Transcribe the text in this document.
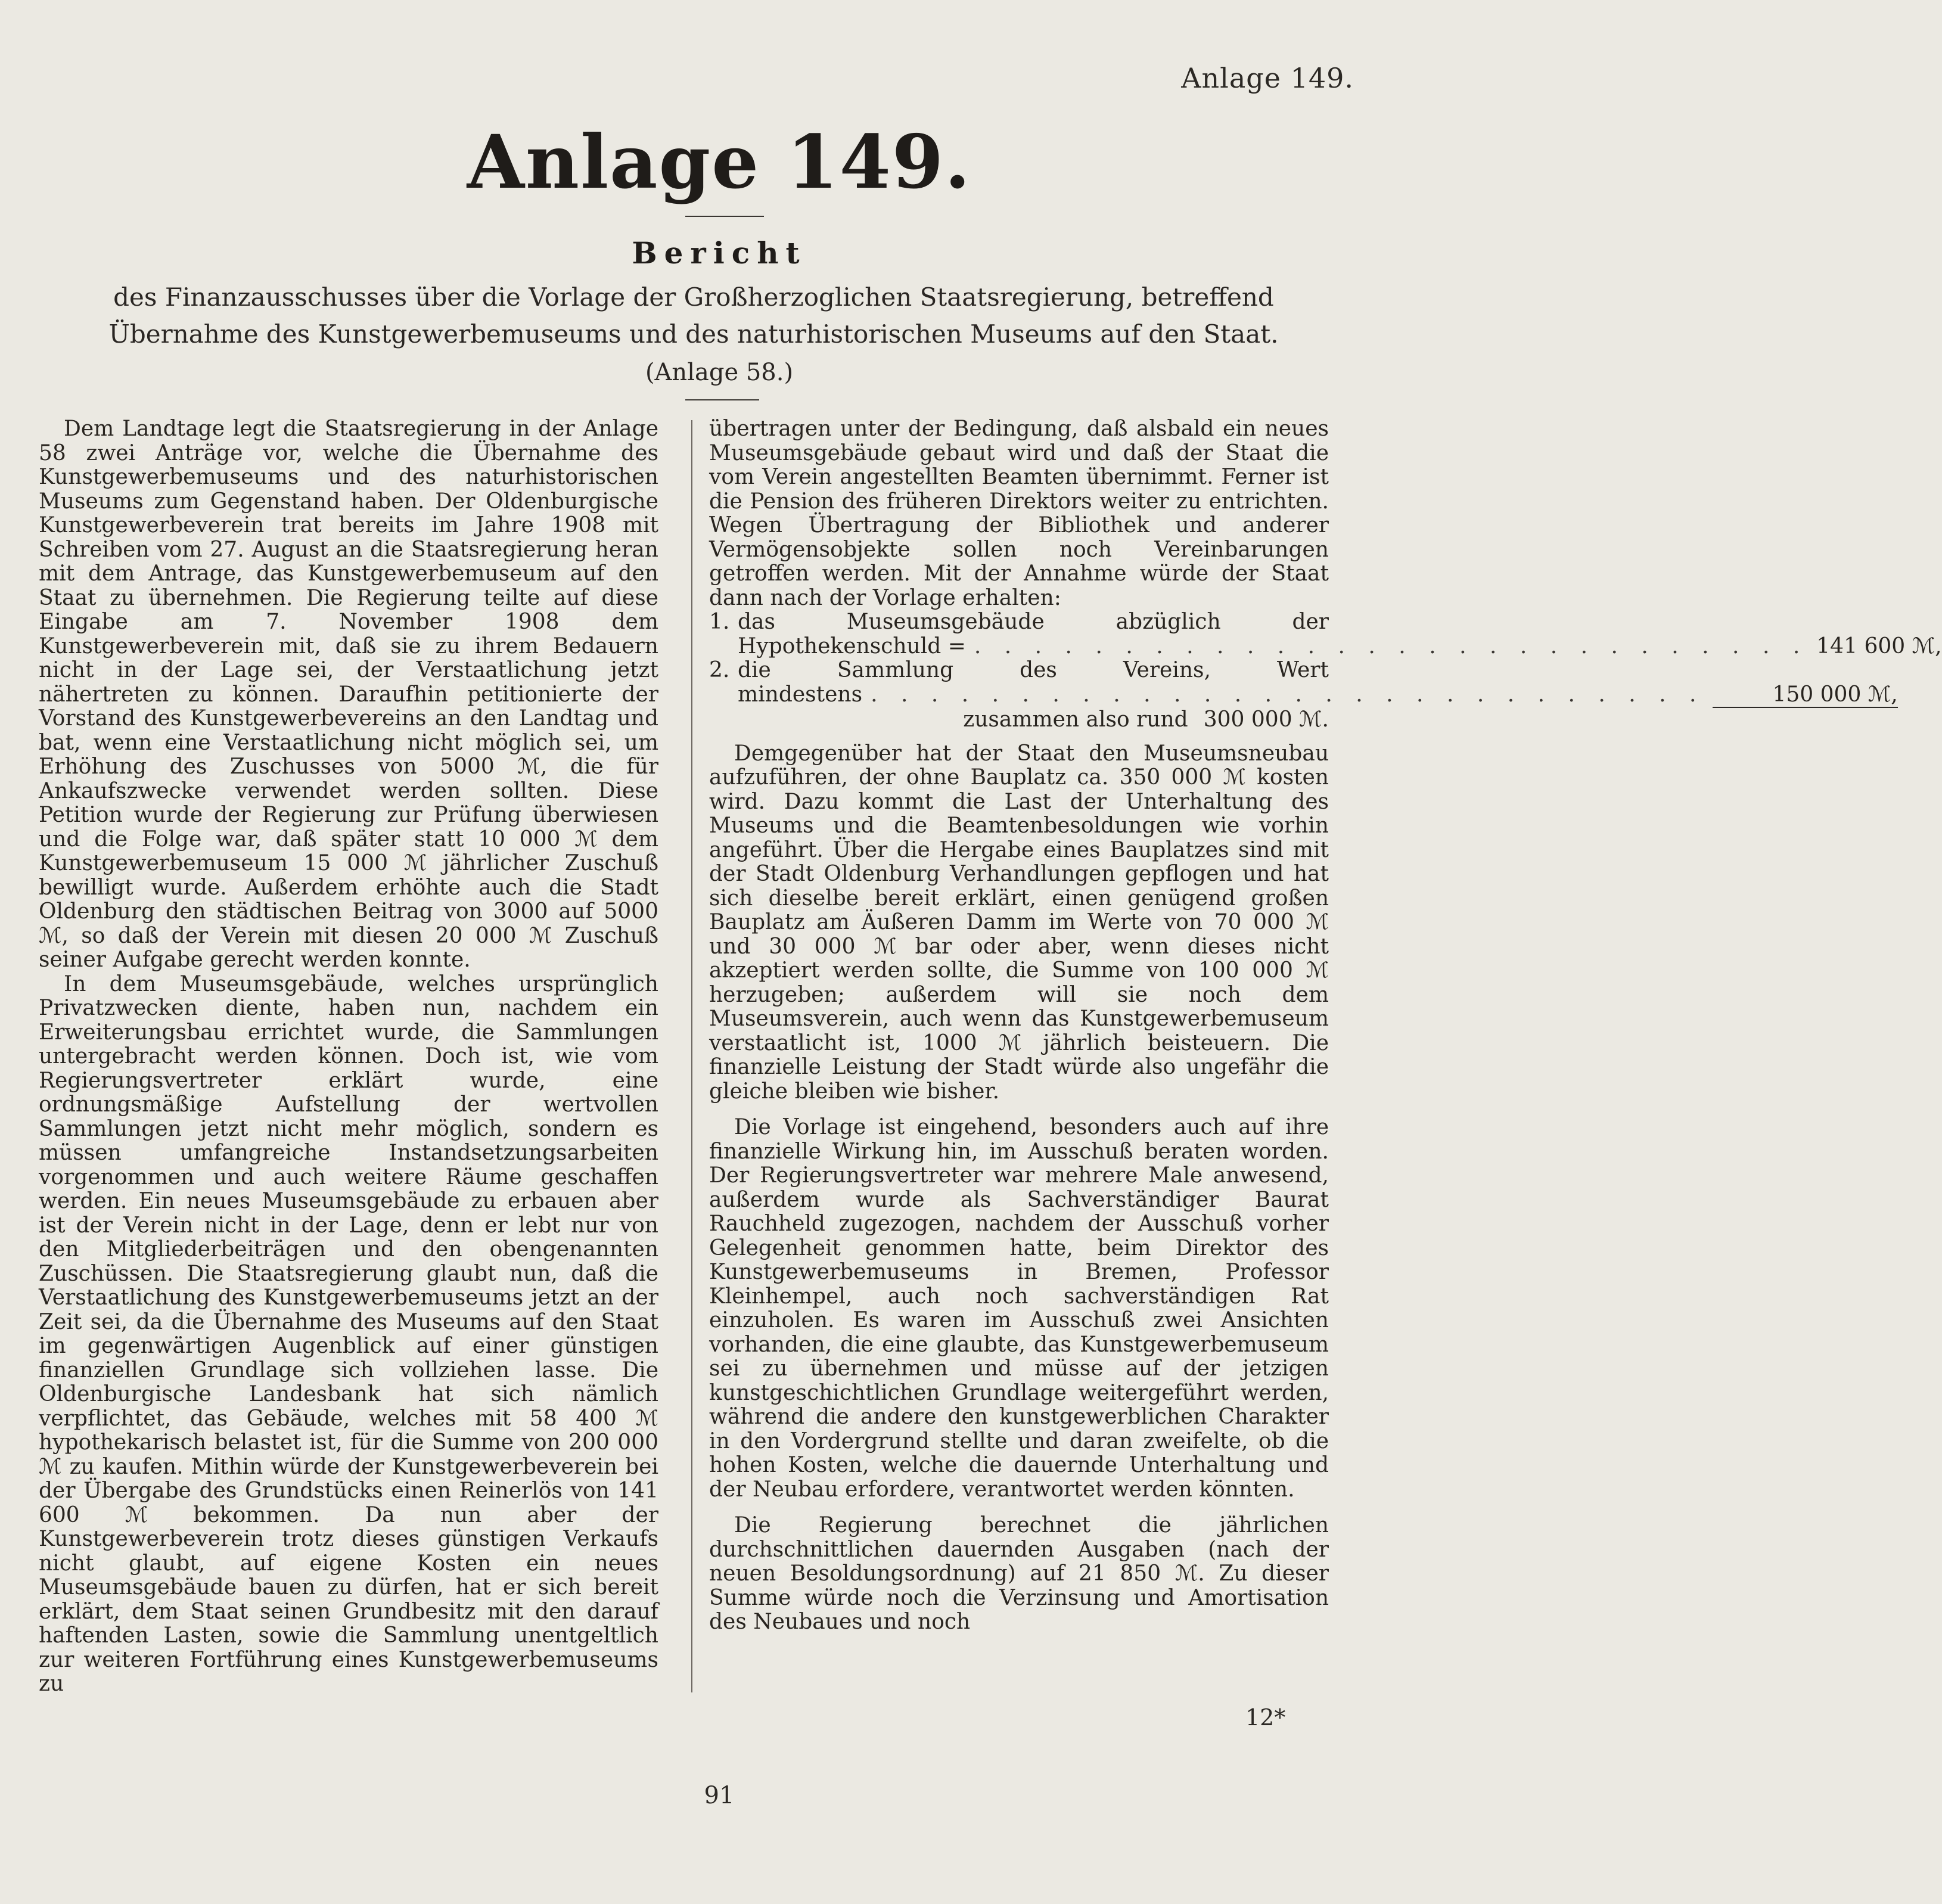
Anlage 149.
Anlage 149.
Bericht
des Finanzausschusses über die Vorlage der Großherzoglichen Staatsregierung, betreffend Übernahme des Kunstgewerbemuseums und des naturhistorischen Museums auf den Staat.
(Anlage 58.)

Dem Landtage legt die Staatsregierung in der Anlage 58 zwei Anträge vor, welche die Übernahme des Kunstgewerbemuseums und des naturhistorischen Museums zum Gegenstand haben. Der Oldenburgische Kunstgewerbeverein trat bereits im Jahre 1908 mit Schreiben vom 27. August an die Staatsregierung heran mit dem Antrage, das Kunstgewerbemuseum auf den Staat zu übernehmen. Die Regierung teilte auf diese Eingabe am 7. November 1908 dem Kunstgewerbeverein mit, daß sie zu ihrem Bedauern nicht in der Lage sei, der Verstaatlichung jetzt nähertreten zu können. Daraufhin petitionierte der Vorstand des Kunstgewerbevereins an den Landtag und bat, wenn eine Verstaatlichung nicht möglich sei, um Erhöhung des Zuschusses von 5000 ℳ, die für Ankaufszwecke verwendet werden sollten. Diese Petition wurde der Regierung zur Prüfung überwiesen und die Folge war, daß später statt 10 000 ℳ dem Kunstgewerbemuseum 15 000 ℳ jährlicher Zuschuß bewilligt wurde. Außerdem erhöhte auch die Stadt Oldenburg den städtischen Beitrag von 3000 auf 5000 ℳ, so daß der Verein mit diesen 20 000 ℳ Zuschuß seiner Aufgabe gerecht werden konnte.

In dem Museumsgebäude, welches ursprünglich Privatzwecken diente, haben nun, nachdem ein Erweiterungsbau errichtet wurde, die Sammlungen untergebracht werden können. Doch ist, wie vom Regierungsvertreter erklärt wurde, eine ordnungsmäßige Aufstellung der wertvollen Sammlungen jetzt nicht mehr möglich, sondern es müssen umfangreiche Instandsetzungsarbeiten vorgenommen und auch weitere Räume geschaffen werden. Ein neues Museumsgebäude zu erbauen aber ist der Verein nicht in der Lage, denn er lebt nur von den Mitgliederbeiträgen und den obengenannten Zuschüssen. Die Staatsregierung glaubt nun, daß die Verstaatlichung des Kunstgewerbemuseums jetzt an der Zeit sei, da die Übernahme des Museums auf den Staat im gegenwärtigen Augenblick auf einer günstigen finanziellen Grundlage sich vollziehen lasse. Die Oldenburgische Landesbank hat sich nämlich verpflichtet, das Gebäude, welches mit 58 400 ℳ hypothekarisch belastet ist, für die Summe von 200 000 ℳ zu kaufen. Mithin würde der Kunstgewerbeverein bei der Übergabe des Grundstücks einen Reinerlös von 141 600 ℳ bekommen. Da nun aber der Kunstgewerbeverein trotz dieses günstigen Verkaufs nicht glaubt, auf eigene Kosten ein neues Museumsgebäude bauen zu dürfen, hat er sich bereit erklärt, dem Staat seinen Grundbesitz mit den darauf haftenden Lasten, sowie die Sammlung unentgeltlich zur weiteren Fortführung eines Kunstgewerbemuseums zu

übertragen unter der Bedingung, daß alsbald ein neues Museumsgebäude gebaut wird und daß der Staat die vom Verein angestellten Beamten übernimmt. Ferner ist die Pension des früheren Direktors weiter zu entrichten. Wegen Übertragung der Bibliothek und anderer Vermögensobjekte sollen noch Vereinbarungen getroffen werden. Mit der Annahme würde der Staat dann nach der Vorlage erhalten:

1. das	Museumsgebäude	abzüglich	der
Hypothekenschuld = . . . . . . . . . . . . . . . . . . . . . . . . . . . . 141 600 ℳ,
2. die	Sammlung	des	Vereins,	Wert
mindestens . . . . . . . . . . . . . . . . . . . . . . . . . . . .	150 000 ℳ,
zusammen also rund 300 000 ℳ.

Demgegenüber hat der Staat den Museumsneubau aufzuführen, der ohne Bauplatz ca. 350 000 ℳ kosten wird. Dazu kommt die Last der Unterhaltung des Museums und die Beamtenbesoldungen wie vorhin angeführt. Über die Hergabe eines Bauplatzes sind mit der Stadt Oldenburg Verhandlungen gepflogen und hat sich dieselbe bereit erklärt, einen genügend großen Bauplatz am Äußeren Damm im Werte von 70 000 ℳ und 30 000 ℳ bar oder aber, wenn dieses nicht akzeptiert werden sollte, die Summe von 100 000 ℳ herzugeben; außerdem will sie noch dem Museumsverein, auch wenn das Kunstgewerbemuseum verstaatlicht ist, 1000 ℳ jährlich beisteuern. Die finanzielle Leistung der Stadt würde also ungefähr die gleiche bleiben wie bisher.

Die Vorlage ist eingehend, besonders auch auf ihre finanzielle Wirkung hin, im Ausschuß beraten worden. Der Regierungsvertreter war mehrere Male anwesend, außerdem wurde als Sachverständiger Baurat Rauchheld zugezogen, nachdem der Ausschuß vorher Gelegenheit genommen hatte, beim Direktor des Kunstgewerbemuseums in Bremen, Professor Kleinhempel, auch noch sachverständigen Rat einzuholen. Es waren im Ausschuß zwei Ansichten vorhanden, die eine glaubte, das Kunstgewerbemuseum sei zu übernehmen und müsse auf der jetzigen kunstgeschichtlichen Grundlage weitergeführt werden, während die andere den kunstgewerblichen Charakter in den Vordergrund stellte und daran zweifelte, ob die hohen Kosten, welche die dauernde Unterhaltung und der Neubau erfordere, verantwortet werden könnten.

Die Regierung berechnet die jährlichen durchschnittlichen dauernden Ausgaben (nach der neuen Besoldungsordnung) auf 21 850 ℳ. Zu dieser Summe würde noch die Verzinsung und Amortisation des Neubaues und noch

12*
91
